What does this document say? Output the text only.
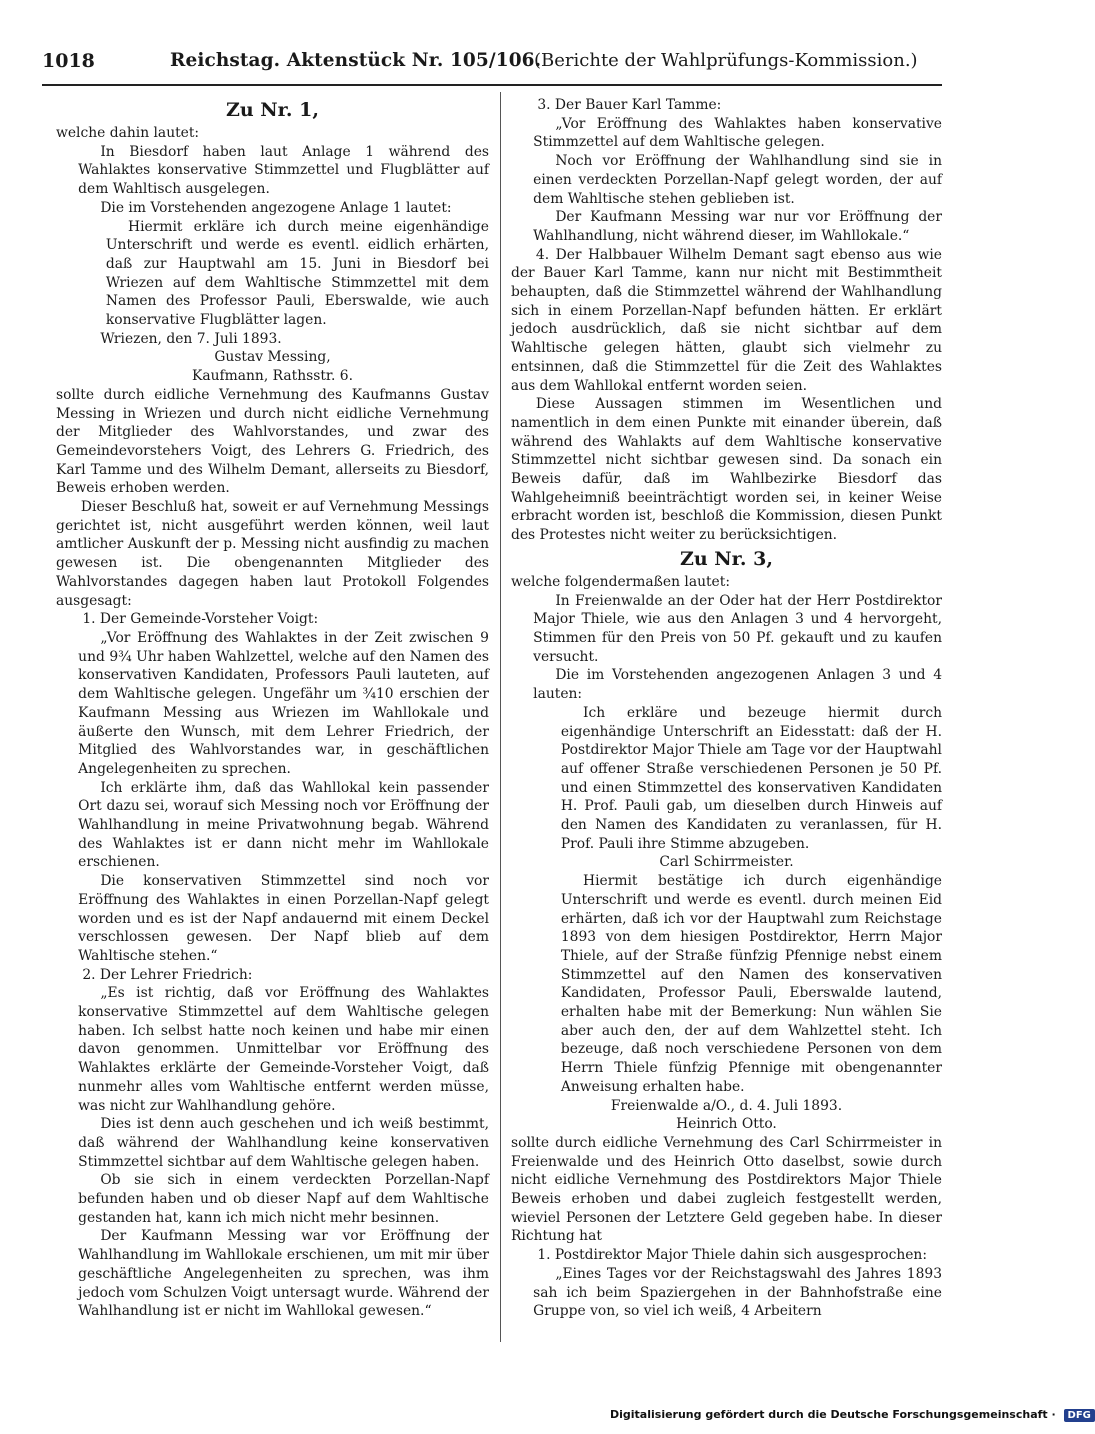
1018	Reichstag. Aktenstück Nr. 105/106.
(Berichte der Wahlprüfungs-Kommission.)
Zu Nr. 1,

welche dahin lautet:

In Biesdorf haben laut Anlage 1 während des Wahlaktes konservative Stimmzettel und Flugblätter auf dem Wahltisch ausgelegen.

Die im Vorstehenden angezogene Anlage 1 lautet:

Hiermit erkläre ich durch meine eigenhändige Unterschrift und werde es eventl. eidlich erhärten, daß zur Hauptwahl am 15. Juni in Biesdorf bei Wriezen auf dem Wahltische Stimmzettel mit dem Namen des Professor Pauli, Eberswalde, wie auch konservative Flugblätter lagen.

Wriezen, den 7. Juli 1893.

Gustav Messing,

Kaufmann, Rathsstr. 6.

sollte durch eidliche Vernehmung des Kaufmanns Gustav Messing in Wriezen und durch nicht eidliche Vernehmung der Mitglieder des Wahlvorstandes, und zwar des Gemeindevorstehers Voigt, des Lehrers G. Friedrich, des Karl Tamme und des Wilhelm Demant, allerseits zu Biesdorf, Beweis erhoben werden.

Dieser Beschluß hat, soweit er auf Vernehmung Messings gerichtet ist, nicht ausgeführt werden können, weil laut amtlicher Auskunft der p. Messing nicht ausfindig zu machen gewesen ist. Die obengenannten Mitglieder des Wahlvorstandes dagegen haben laut Protokoll Folgendes ausgesagt:

1. Der Gemeinde-Vorsteher Voigt:

„Vor Eröffnung des Wahlaktes in der Zeit zwischen 9 und 9¾ Uhr haben Wahlzettel, welche auf den Namen des konservativen Kandidaten, Professors Pauli lauteten, auf dem Wahltische gelegen. Ungefähr um ¾10 erschien der Kaufmann Messing aus Wriezen im Wahllokale und äußerte den Wunsch, mit dem Lehrer Friedrich, der Mitglied des Wahlvorstandes war, in geschäftlichen Angelegenheiten zu sprechen.

Ich erklärte ihm, daß das Wahllokal kein passender Ort dazu sei, worauf sich Messing noch vor Eröffnung der Wahlhandlung in meine Privatwohnung begab. Während des Wahlaktes ist er dann nicht mehr im Wahllokale erschienen.

Die konservativen Stimmzettel sind noch vor Eröffnung des Wahlaktes in einen Porzellan-Napf gelegt worden und es ist der Napf andauernd mit einem Deckel verschlossen gewesen. Der Napf blieb auf dem Wahltische stehen.“

2. Der Lehrer Friedrich:

„Es ist richtig, daß vor Eröffnung des Wahlaktes konservative Stimmzettel auf dem Wahltische gelegen haben. Ich selbst hatte noch keinen und habe mir einen davon genommen. Unmittelbar vor Eröffnung des Wahlaktes erklärte der Gemeinde-Vorsteher Voigt, daß nunmehr alles vom Wahltische entfernt werden müsse, was nicht zur Wahlhandlung gehöre.

Dies ist denn auch geschehen und ich weiß bestimmt, daß während der Wahlhandlung keine konservativen Stimmzettel sichtbar auf dem Wahltische gelegen haben.

Ob sie sich in einem verdeckten Porzellan-Napf befunden haben und ob dieser Napf auf dem Wahltische gestanden hat, kann ich mich nicht mehr besinnen.

Der Kaufmann Messing war vor Eröffnung der Wahlhandlung im Wahllokale erschienen, um mit mir über geschäftliche Angelegenheiten zu sprechen, was ihm jedoch vom Schulzen Voigt untersagt wurde. Während der Wahlhandlung ist er nicht im Wahllokal gewesen.“

3. Der Bauer Karl Tamme:

„Vor Eröffnung des Wahlaktes haben konservative Stimmzettel auf dem Wahltische gelegen.

Noch vor Eröffnung der Wahlhandlung sind sie in einen verdeckten Porzellan-Napf gelegt worden, der auf dem Wahltische stehen geblieben ist.

Der Kaufmann Messing war nur vor Eröffnung der Wahlhandlung, nicht während dieser, im Wahllokale.“

4. Der Halbbauer Wilhelm Demant sagt ebenso aus wie der Bauer Karl Tamme, kann nur nicht mit Bestimmtheit behaupten, daß die Stimmzettel während der Wahlhandlung sich in einem Porzellan-Napf befunden hätten. Er erklärt jedoch ausdrücklich, daß sie nicht sichtbar auf dem Wahltische gelegen hätten, glaubt sich vielmehr zu entsinnen, daß die Stimmzettel für die Zeit des Wahlaktes aus dem Wahllokal entfernt worden seien.

Diese Aussagen stimmen im Wesentlichen und namentlich in dem einen Punkte mit einander überein, daß während des Wahlakts auf dem Wahltische konservative Stimmzettel nicht sichtbar gewesen sind. Da sonach ein Beweis dafür, daß im Wahlbezirke Biesdorf das Wahlgeheimniß beeinträchtigt worden sei, in keiner Weise erbracht worden ist, beschloß die Kommission, diesen Punkt des Protestes nicht weiter zu berücksichtigen.

Zu Nr. 3,

welche folgendermaßen lautet:

In Freienwalde an der Oder hat der Herr Postdirektor Major Thiele, wie aus den Anlagen 3 und 4 hervorgeht, Stimmen für den Preis von 50 Pf. gekauft und zu kaufen versucht.

Die im Vorstehenden angezogenen Anlagen 3 und 4 lauten:

Ich erkläre und bezeuge hiermit durch eigenhändige Unterschrift an Eidesstatt: daß der H. Postdirektor Major Thiele am Tage vor der Hauptwahl auf offener Straße verschiedenen Personen je 50 Pf. und einen Stimmzettel des konservativen Kandidaten H. Prof. Pauli gab, um dieselben durch Hinweis auf den Namen des Kandidaten zu veranlassen, für H. Prof. Pauli ihre Stimme abzugeben.

Carl Schirrmeister.

Hiermit bestätige ich durch eigenhändige Unterschrift und werde es eventl. durch meinen Eid erhärten, daß ich vor der Hauptwahl zum Reichstage 1893 von dem hiesigen Postdirektor, Herrn Major Thiele, auf der Straße fünfzig Pfennige nebst einem Stimmzettel auf den Namen des konservativen Kandidaten, Professor Pauli, Eberswalde lautend, erhalten habe mit der Bemerkung: Nun wählen Sie aber auch den, der auf dem Wahlzettel steht. Ich bezeuge, daß noch verschiedene Personen von dem Herrn Thiele fünfzig Pfennige mit obengenannter Anweisung erhalten habe.

Freienwalde a/O., d. 4. Juli 1893.

Heinrich Otto.

sollte durch eidliche Vernehmung des Carl Schirrmeister in Freienwalde und des Heinrich Otto daselbst, sowie durch nicht eidliche Vernehmung des Postdirektors Major Thiele Beweis erhoben und dabei zugleich festgestellt werden, wieviel Personen der Letztere Geld gegeben habe. In dieser Richtung hat

1. Postdirektor Major Thiele dahin sich ausgesprochen:

„Eines Tages vor der Reichstagswahl des Jahres 1893 sah ich beim Spaziergehen in der Bahnhofstraße eine Gruppe von, so viel ich weiß, 4 Arbeitern

Digitalisierung gefördert durch die Deutsche Forschungsgemeinschaft · DFG
